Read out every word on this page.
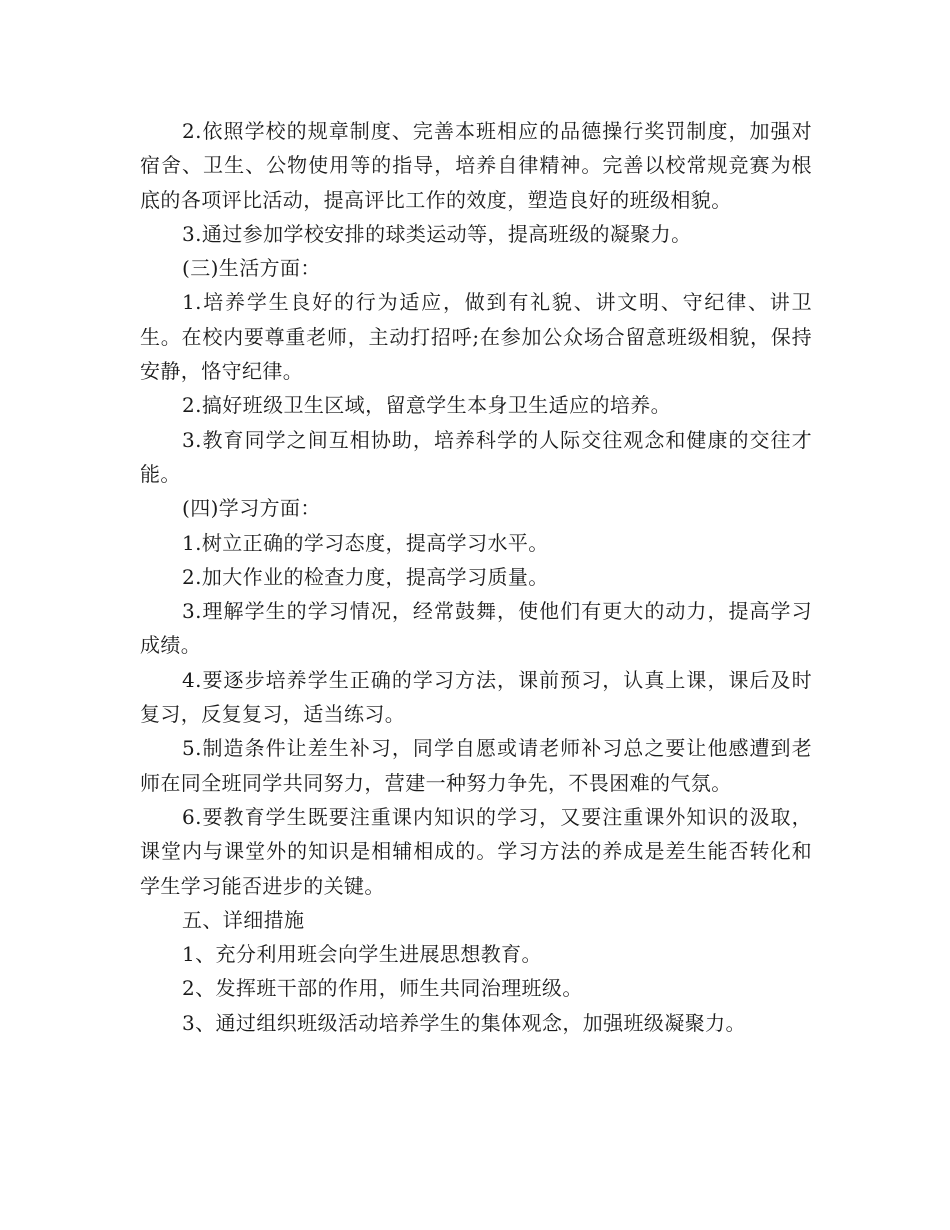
2.依照学校的规章制度、完善本班相应的品德操行奖罚制度，加强对宿舍、卫生、公物使用等的指导，培养自律精神。完善以校常规竞赛为根底的各项评比活动，提高评比工作的效度，塑造良好的班级相貌。

3.通过参加学校安排的球类运动等，提高班级的凝聚力。

(三)生活方面：

1.培养学生良好的行为适应，做到有礼貌、讲文明、守纪律、讲卫生。在校内要尊重老师，主动打招呼;在参加公众场合留意班级相貌，保持安静，恪守纪律。

2.搞好班级卫生区域，留意学生本身卫生适应的培养。

3.教育同学之间互相协助，培养科学的人际交往观念和健康的交往才能。

(四)学习方面：

1.树立正确的学习态度，提高学习水平。

2.加大作业的检查力度，提高学习质量。

3.理解学生的学习情况，经常鼓舞，使他们有更大的动力，提高学习成绩。

4.要逐步培养学生正确的学习方法，课前预习，认真上课，课后及时复习，反复复习，适当练习。

5.制造条件让差生补习，同学自愿或请老师补习总之要让他感遭到老师在同全班同学共同努力，营建一种努力争先，不畏困难的气氛。

6.要教育学生既要注重课内知识的学习，又要注重课外知识的汲取，课堂内与课堂外的知识是相辅相成的。学习方法的养成是差生能否转化和学生学习能否进步的关键。

五、详细措施

1、充分利用班会向学生进展思想教育。

2、发挥班干部的作用，师生共同治理班级。

3、通过组织班级活动培养学生的集体观念，加强班级凝聚力。
